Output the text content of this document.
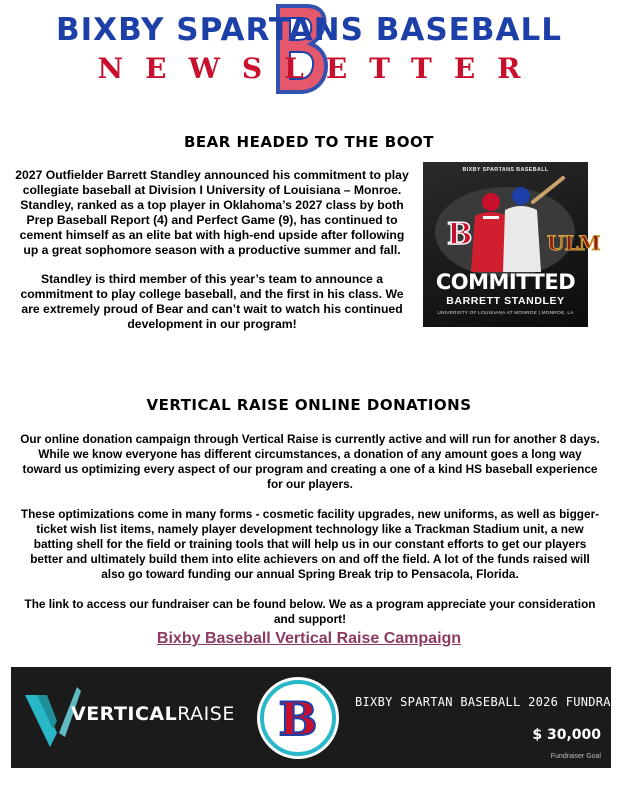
BIXBY SPARTANS BASEBALL
NEWSLETTER
BEAR HEADED TO THE BOOT

2027 Outfielder Barrett Standley announced his commitment to play collegiate baseball at Division I University of Louisiana – Monroe. Standley, ranked as a top player in Oklahoma’s 2027 class by both Prep Baseball Report (4) and Perfect Game (9), has continued to cement himself as an elite bat with high-end upside after following up a great sophomore season with a productive summer and fall.

Standley is third member of this year’s team to announce a commitment to play college baseball, and the first in his class. We are extremely proud of Bear and can’t wait to watch his continued development in our program!

BIXBY SPARTANS BASEBALL
B	ULM
COMMITTED
BARRETT STANDLEY
UNIVERSITY OF LOUISIANA AT MONROE | MONROE, LA
VERTICAL RAISE ONLINE DONATIONS

Our online donation campaign through Vertical Raise is currently active and will run for another 8 days. While we know everyone has different circumstances, a donation of any amount goes a long way toward us optimizing every aspect of our program and creating a one of a kind HS baseball experience for our players.

These optimizations come in many forms - cosmetic facility upgrades, new uniforms, as well as bigger-ticket wish list items, namely player development technology like a Trackman Stadium unit, a new batting shell for the field or training tools that will help us in our constant efforts to get our players better and ultimately build them into elite achievers on and off the field. A lot of the funds raised will also go toward funding our annual Spring Break trip to Pensacola, Florida.

The link to access our fundraiser can be found below. We as a program appreciate your consideration and support!

Bixby Baseball Vertical Raise Campaign
VERTICALRAISE B	BIXBY SPARTAN BASEBALL 2026 FUNDRAISER
$ 30,000
Fundraiser Goal
